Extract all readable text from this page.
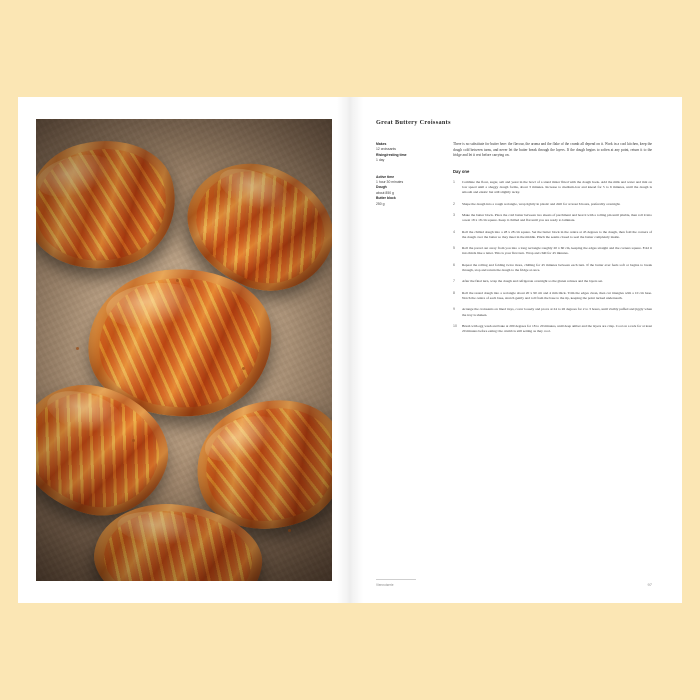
Great Buttery Croissants

Makes

12 croissants

Rising/resting time

1 day

Active time

1 hour 30 minutes

Dough

about 850 g

Butter block

250 g

There is no substitute for butter here: the flavour, the aroma and the flake of the crumb all depend on it. Work in a cool kitchen, keep the dough cold between turns, and never let the butter break through the layers. If the dough begins to soften at any point, return it to the fridge and let it rest before carrying on.

Day one
Combine the flour, sugar, salt and yeast in the bowl of a stand mixer fitted with the dough hook. Add the milk and water and mix on low speed until a shaggy dough forms, about 3 minutes. Increase to medium-low and knead for 5 to 6 minutes, until the dough is smooth and elastic but still slightly tacky.
Shape the dough into a rough rectangle, wrap tightly in plastic and chill for at least 6 hours, preferably overnight.
Make the butter block. Place the cold butter between two sheets of parchment and beat it with a rolling pin until pliable, then roll it into a neat 18 x 18 cm square. Keep it chilled and flat until you are ready to laminate.
Roll the chilled dough into a 28 x 28 cm square. Set the butter block in the centre at 45 degrees to the dough, then fold the corners of the dough over the butter so they meet in the middle. Pinch the seams closed to seal the butter completely inside.
Roll the parcel out away from you into a long rectangle roughly 20 x 60 cm, keeping the edges straight and the corners square. Fold it into thirds like a letter. This is your first turn. Wrap and chill for 45 minutes.
Repeat the rolling and folding twice more, chilling for 45 minutes between each turn. If the butter ever feels soft or begins to break through, stop and return the dough to the fridge at once.
After the final turn, wrap the dough and refrigerate overnight so the gluten relaxes and the layers set.
Roll the rested dough into a rectangle about 20 x 90 cm and 4 mm thick. Trim the edges clean, then cut triangles with a 10 cm base. Notch the centre of each base, stretch gently and roll from the base to the tip, keeping the point tucked underneath.
Arrange the croissants on lined trays, cover loosely and prove at 24 to 26 degrees for 2 to 3 hours, until visibly puffed and jiggly when the tray is shaken.
Brush with egg wash and bake at 200 degrees for 18 to 20 minutes, until deep amber and the layers are crisp. Cool on a rack for at least 20 minutes before eating: the crumb is still setting as they cool.
Viennoiserie	97
